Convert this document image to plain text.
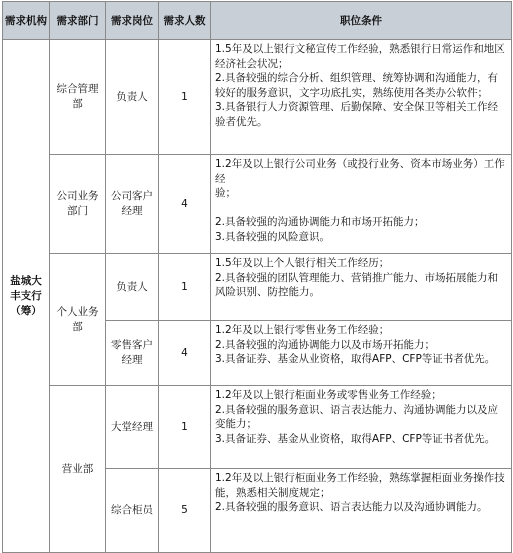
需求机构	需求部门	需求岗位	需求人数	职位条件
盐城大丰支行（筹）	综合管理部	负责人	1	1.5年及以上银行文秘宣传工作经验，熟悉银行日常运作和地区经济社会状况；
2.具备较强的综合分析、组织管理、统筹协调和沟通能力，有较好的服务意识，文字功底扎实，熟练使用各类办公软件；
3.具备银行人力资源管理、后勤保障、安全保卫等相关工作经验者优先。
	公司业务部门	公司客户经理	4	1.2年及以上银行公司业务（或投行业务、资本市场业务）工作经
验；

2.具备较强的沟通协调能力和市场开拓能力；
3.具备较强的风险意识。
	个人业务部	负责人	1	1.5年及以上个人银行相关工作经历；
2.具备较强的团队管理能力、营销推广能力、市场拓展能力和风险识别、防控能力。
		零售客户经理	4	1.2年及以上银行零售业务工作经验；
2.具备较强的沟通协调能力以及市场开拓能力；
3.具备证券、基金从业资格，取得AFP、CFP等证书者优先。
	营业部	大堂经理	1	1.2年及以上银行柜面业务或零售业务工作经验；
2.具备较强的服务意识、语言表达能力、沟通协调能力以及应变能力；
3.具备证券、基金从业资格，取得AFP、CFP等证书者优先。
		综合柜员	5	1.2年及以上银行柜面业务工作经验，熟练掌握柜面业务操作技能，熟悉相关制度规定；
2.具备较强的服务意识、语言表达能力以及沟通协调能力。
